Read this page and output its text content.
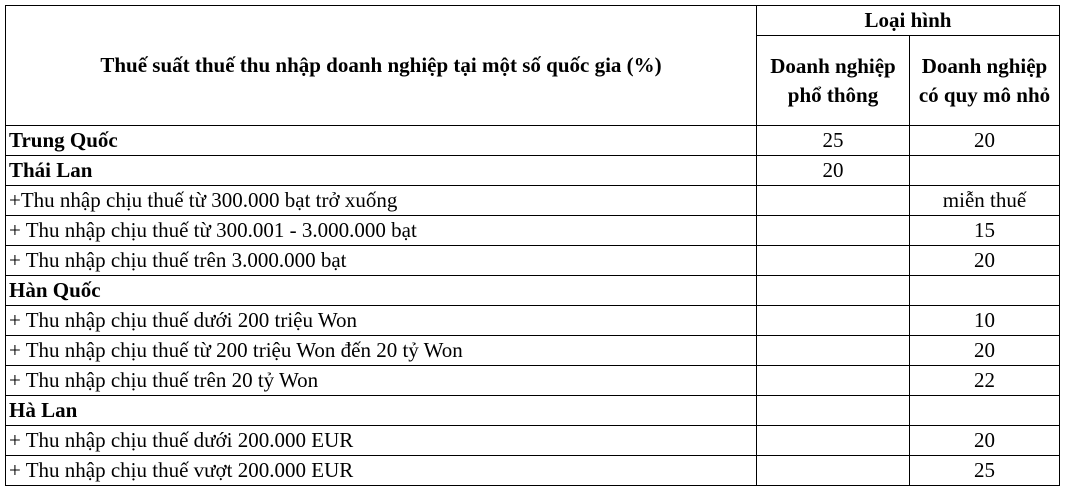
Thuế suất thuế thu nhập doanh nghiệp tại một số quốc gia (%)	Loại hình	
	Doanh nghiệp phổ thông	Doanh nghiệp có quy mô nhỏ
Trung Quốc	25	20
Thái Lan	20	
+Thu nhập chịu thuế từ 300.000 bạt trở xuống		miễn thuế
+ Thu nhập chịu thuế từ 300.001 - 3.000.000 bạt		15
+ Thu nhập chịu thuế trên 3.000.000 bạt		20
Hàn Quốc		
+ Thu nhập chịu thuế dưới 200 triệu Won		10
+ Thu nhập chịu thuế từ 200 triệu Won đến 20 tỷ Won		20
+ Thu nhập chịu thuế trên 20 tỷ Won		22
Hà Lan		
+ Thu nhập chịu thuế dưới 200.000 EUR		20
+ Thu nhập chịu thuế vượt 200.000 EUR		25
